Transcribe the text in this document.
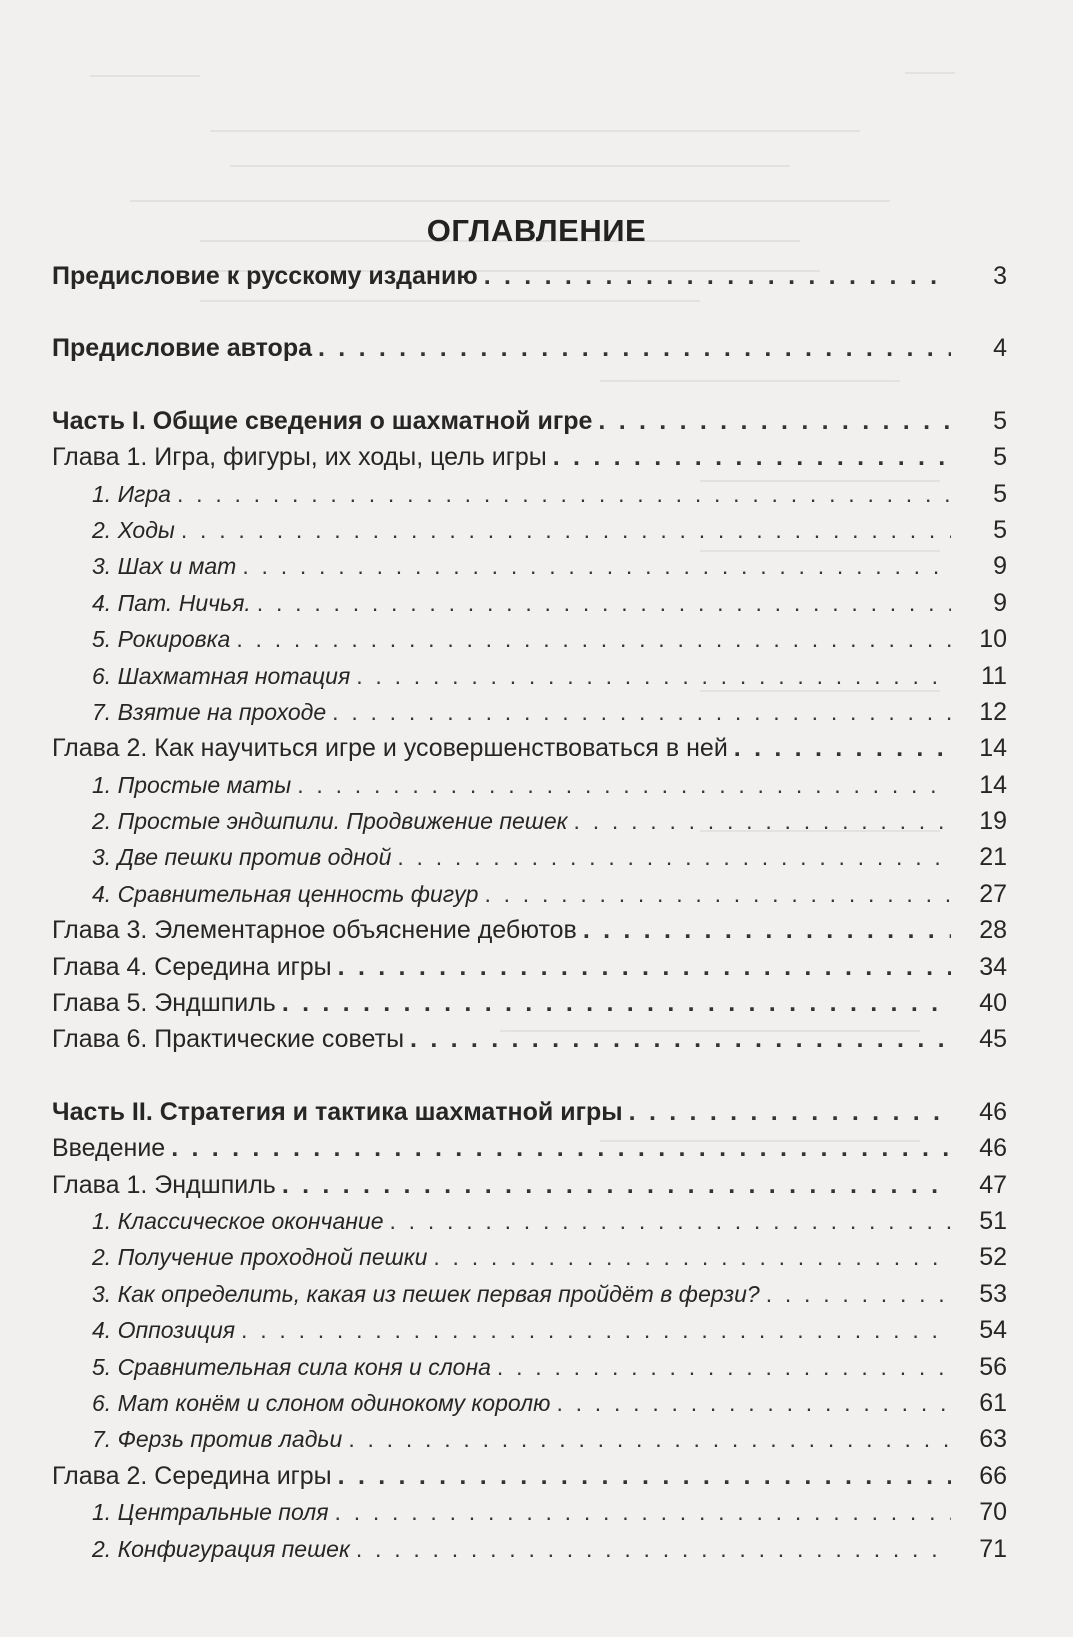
ОГЛАВЛЕНИЕ
Предисловие к русскому изданию . . .	3
Предисловие автора . . .	4
Часть I. Общие сведения о шахматной игре . . .	5
Глава 1. Игра, фигуры, их ходы, цель игры . . .	5
1. Игра . . .	5
2. Ходы . . .	5
3. Шах и мат . . .	9
4. Пат. Ничья. . . .	9
5. Рокировка . . .	10
6. Шахматная нотация . . .	11
7. Взятие на проходе . . .	12
Глава 2. Как научиться игре и усовершенствоваться в ней . . .	14
1. Простые маты . . .	14
2. Простые эндшпили. Продвижение пешек . . .	19
3. Две пешки против одной . . .	21
4. Сравнительная ценность фигур . . .	27
Глава 3. Элементарное объяснение дебютов . . .	28
Глава 4. Середина игры . . .	34
Глава 5. Эндшпиль . . .	40
Глава 6. Практические советы . . .	45
Часть II. Стратегия и тактика шахматной игры . . .	46
Введение . . .	46
Глава 1. Эндшпиль . . .	47
1. Классическое окончание . . .	51
2. Получение проходной пешки . . .	52
3. Как определить, какая из пешек первая пройдёт в ферзи? . . .	53
4. Оппозиция . . .	54
5. Сравнительная сила коня и слона . . .	56
6. Мат конём и слоном одинокому королю . . .	61
7. Ферзь против ладьи . . .	63
Глава 2. Середина игры . . .	66
1. Центральные поля . . .	70
2. Конфигурация пешек . . .	71
